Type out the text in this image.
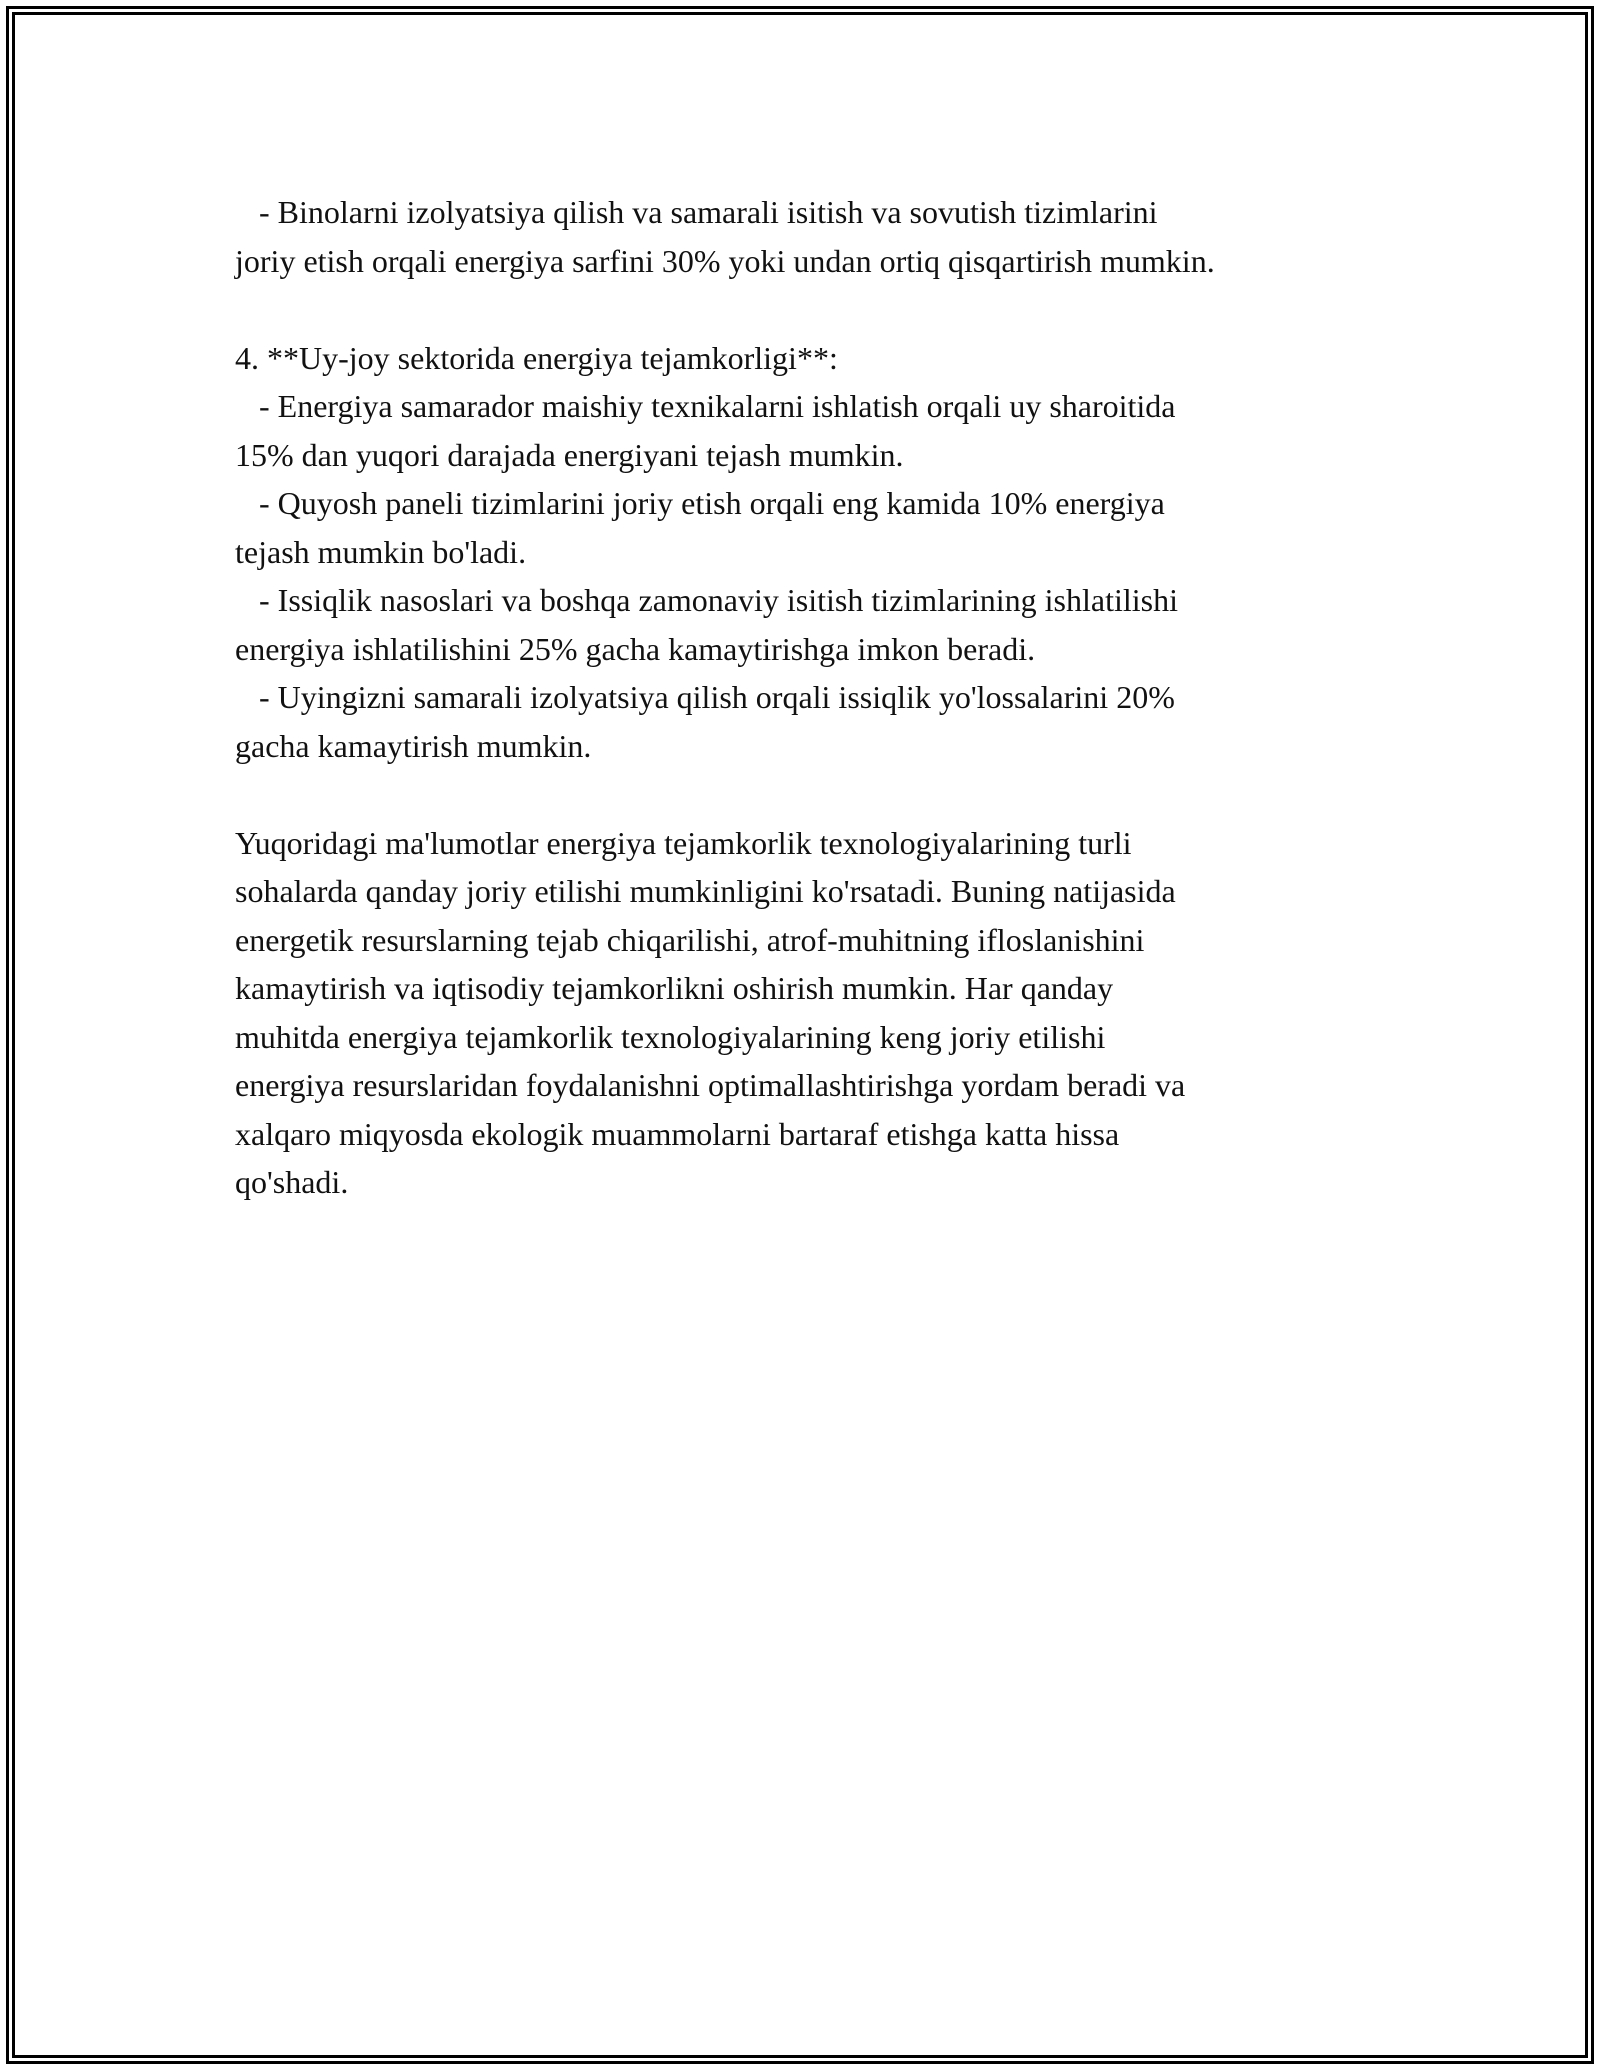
- Binolarni izolyatsiya qilish va samarali isitish va sovutish tizimlarini
joriy etish orqali energiya sarfini 30% yoki undan ortiq qisqartirish mumkin.
4. **Uy-joy sektorida energiya tejamkorligi**:
- Energiya samarador maishiy texnikalarni ishlatish orqali uy sharoitida
15% dan yuqori darajada energiyani tejash mumkin.
- Quyosh paneli tizimlarini joriy etish orqali eng kamida 10% energiya
tejash mumkin bo'ladi.
- Issiqlik nasoslari va boshqa zamonaviy isitish tizimlarining ishlatilishi
energiya ishlatilishini 25% gacha kamaytirishga imkon beradi.
- Uyingizni samarali izolyatsiya qilish orqali issiqlik yo'lossalarini 20%
gacha kamaytirish mumkin.
Yuqoridagi ma'lumotlar energiya tejamkorlik texnologiyalarining turli
sohalarda qanday joriy etilishi mumkinligini ko'rsatadi. Buning natijasida
energetik resurslarning tejab chiqarilishi, atrof-muhitning ifloslanishini
kamaytirish va iqtisodiy tejamkorlikni oshirish mumkin. Har qanday
muhitda energiya tejamkorlik texnologiyalarining keng joriy etilishi
energiya resurslaridan foydalanishni optimallashtirishga yordam beradi va
xalqaro miqyosda ekologik muammolarni bartaraf etishga katta hissa
qo'shadi.
